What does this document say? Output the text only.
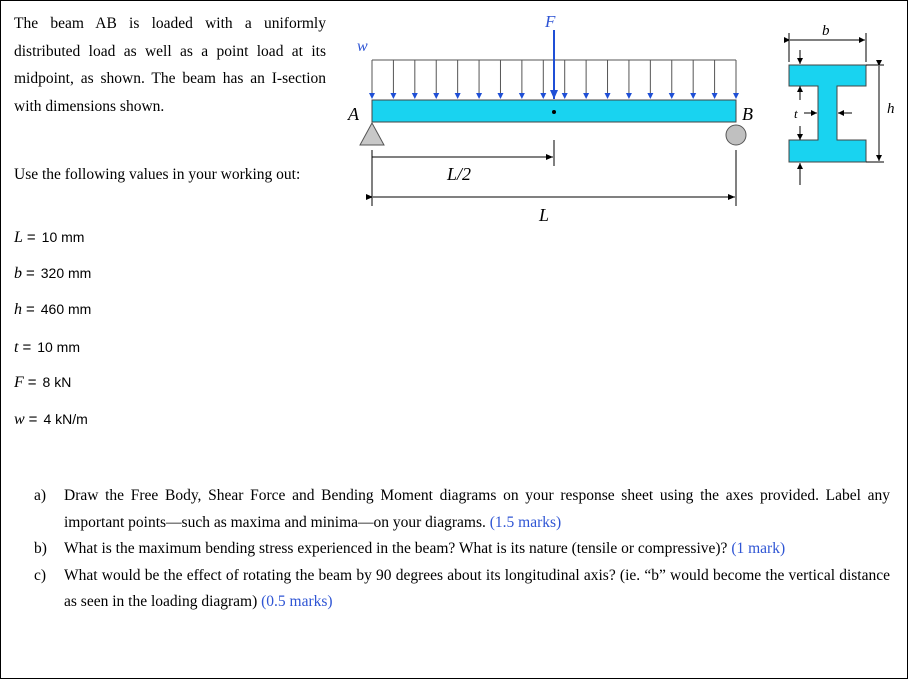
The beam AB is loaded with a uniformly distributed load as well as a point load at its midpoint, as shown. The beam has an I-section with dimensions shown.
Use the following values in your working out:
L = 10 mm
b = 320 mm
h = 460 mm
t = 10 mm
F = 8 kN
w = 4 kN/m
w
F
A	B
L/2
L
b
h
t
a) Draw the Free Body, Shear Force and Bending Moment diagrams on your response sheet using the axes provided. Label any important points—such as maxima and minima—on your diagrams. (1.5 marks)
b) What is the maximum bending stress experienced in the beam? What is its nature (tensile or compressive)? (1 mark)
c) What would be the effect of rotating the beam by 90 degrees about its longitudinal axis? (ie. “b” would become the vertical distance as seen in the loading diagram) (0.5 marks)
